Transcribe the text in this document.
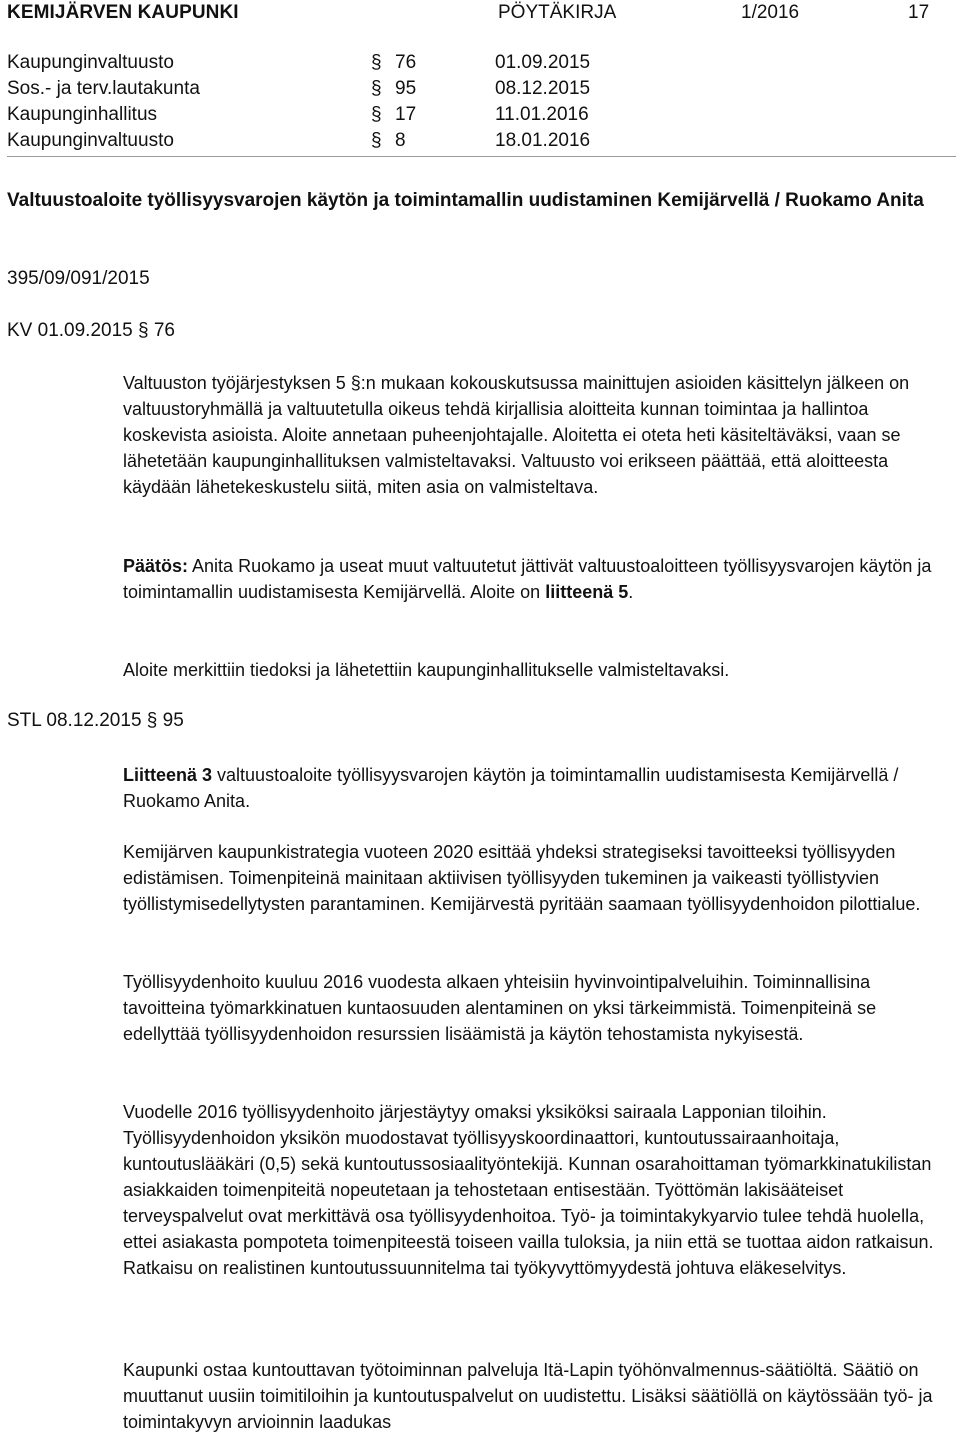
KEMIJÄRVEN KAUPUNKI	PÖYTÄKIRJA	1/2016	17
Kaupunginvaltuusto	§ 76	01.09.2015
Sos.- ja terv.lautakunta	§ 95	08.12.2015
Kaupunginhallitus	§ 17	11.01.2016
Kaupunginvaltuusto	§ 8	18.01.2016
Valtuustoaloite työllisyysvarojen käytön ja toimintamallin uudistaminen Kemijärvellä / Ruokamo Anita
395/09/091/2015
KV 01.09.2015 § 76

Valtuuston työjärjestyksen 5 §:n mukaan kokouskutsussa mainittujen asioiden käsittelyn jälkeen on valtuustoryhmällä ja valtuutetulla oikeus tehdä kirjallisia aloitteita kunnan toimintaa ja hallintoa koskevista asioista. Aloite annetaan puheenjohtajalle. Aloitetta ei oteta heti käsiteltäväksi, vaan se lähetetään kaupunginhallituksen valmisteltavaksi. Valtuusto voi erikseen päättää, että aloitteesta käydään lähetekeskustelu siitä, miten asia on valmisteltava.

Päätös: Anita Ruokamo ja useat muut valtuutetut jättivät valtuustoaloitteen työllisyysvarojen käytön ja toimintamallin uudistamisesta Kemijärvellä. Aloite on liitteenä 5.

Aloite merkittiin tiedoksi ja lähetettiin kaupunginhallitukselle valmisteltavaksi.

STL 08.12.2015 § 95

Liitteenä 3 valtuustoaloite työllisyysvarojen käytön ja toimintamallin uudistamisesta Kemijärvellä / Ruokamo Anita.

Kemijärven kaupunkistrategia vuoteen 2020 esittää yhdeksi strategiseksi tavoitteeksi työllisyyden edistämisen. Toimenpiteinä mainitaan aktiivisen työllisyyden tukeminen ja vaikeasti työllistyvien työllistymisedellytysten parantaminen. Kemijärvestä pyritään saamaan työllisyydenhoidon pilottialue.

Työllisyydenhoito kuuluu 2016 vuodesta alkaen yhteisiin hyvinvointipalveluihin. Toiminnallisina tavoitteina työmarkkinatuen kuntaosuuden alentaminen on yksi tärkeimmistä. Toimenpiteinä se edellyttää työllisyydenhoidon resurssien lisäämistä ja käytön tehostamista nykyisestä.

Vuodelle 2016 työllisyydenhoito järjestäytyy omaksi yksiköksi sairaala Lapponian tiloihin. Työllisyydenhoidon yksikön muodostavat työllisyyskoordinaattori, kuntoutussairaanhoitaja, kuntoutuslääkäri (0,5) sekä kuntoutussosiaalityöntekijä. Kunnan osarahoittaman työmarkkinatukilistan asiakkaiden toimenpiteitä nopeutetaan ja tehostetaan entisestään. Työttömän lakisääteiset terveyspalvelut ovat merkittävä osa työllisyydenhoitoa. Työ- ja toimintakykyarvio tulee tehdä huolella, ettei asiakasta pompoteta toimenpiteestä toiseen vailla tuloksia, ja niin että se tuottaa aidon ratkaisun. Ratkaisu on realistinen kuntoutussuunnitelma tai työkyvyttömyydestä johtuva eläkeselvitys.

Kaupunki ostaa kuntouttavan työtoiminnan palveluja Itä-Lapin työhönvalmennus-säätiöltä. Säätiö on muuttanut uusiin toimitiloihin ja kuntoutuspalvelut on uudistettu. Lisäksi säätiöllä on käytössään työ- ja toimintakyvyn arvioinnin laadukas
